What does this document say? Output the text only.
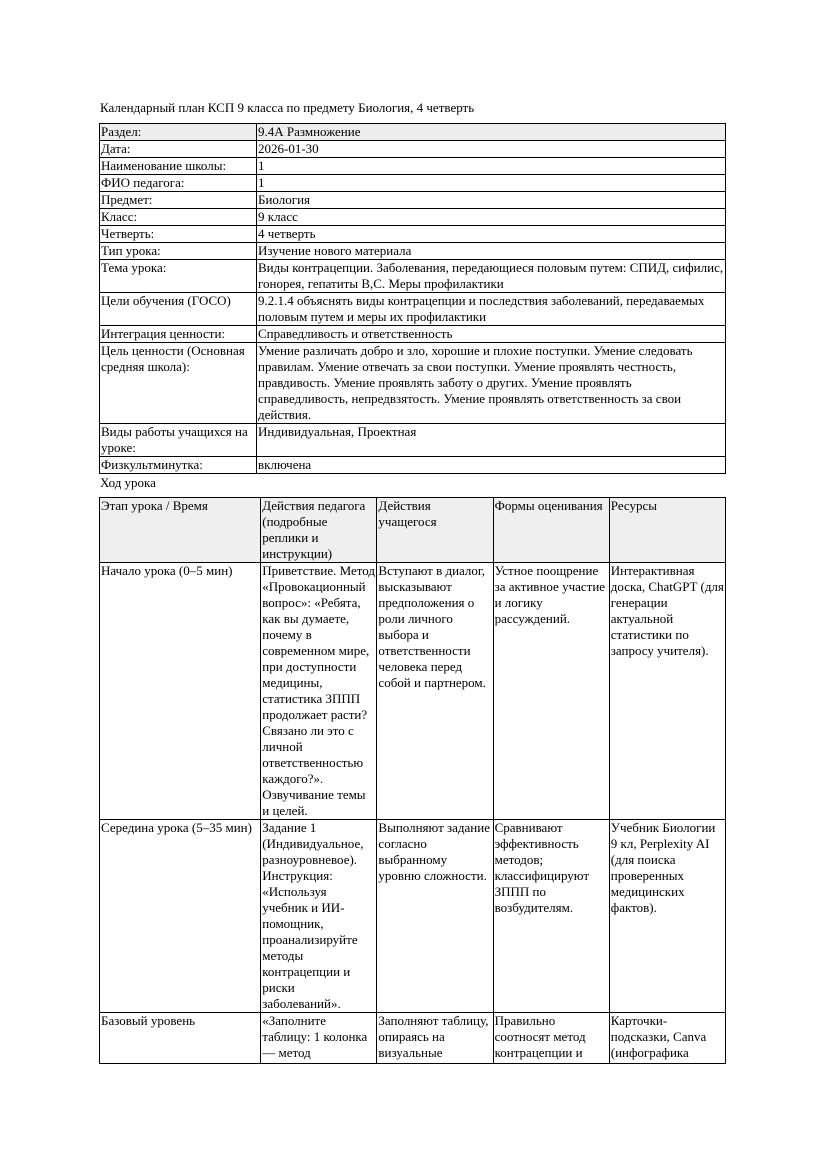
Календарный план КСП 9 класса по предмету Биология, 4 четверть
Раздел:	9.4А Размножение
Дата:	2026-01-30
Наименование школы:	1
ФИО педагога:	1
Предмет:	Биология
Класс:	9 класс
Четверть:	4 четверть
Тип урока:	Изучение нового материала
Тема урока:	Виды контрацепции. Заболевания, передающиеся половым путем: СПИД, сифилис, гонорея, гепатиты В,С. Меры профилактики
Цели обучения (ГОСО)	9.2.1.4 объяснять виды контрацепции и последствия заболеваний, передаваемых половым путем и меры их профилактики
Интеграция ценности:	Справедливость и ответственность
Цель ценности (Основная средняя школа):	Умение различать добро и зло, хорошие и плохие поступки. Умение следовать правилам. Умение отвечать за свои поступки. Умение проявлять честность, правдивость. Умение проявлять заботу о других. Умение проявлять справедливость, непредвзятость. Умение проявлять ответственность за свои действия.
Виды работы учащихся на уроке:	Индивидуальная, Проектная
Физкультминутка:	включена
Ход урока
Этап урока / Время	Действия педагога (подробные реплики и инструкции)	Действия учащегося	Формы оценивания	Ресурсы
Начало урока (0–5 мин)	Приветствие. Метод «Провокационный вопрос»: «Ребята, как вы думаете, почему в современном мире, при доступности медицины, статистика ЗППП продолжает расти? Связано ли это с личной ответственностью каждого?». Озвучивание темы и целей.	Вступают в диалог, высказывают предположения о роли личного выбора и ответственности человека перед собой и партнером.	Устное поощрение за активное участие и логику рассуждений.	Интерактивная доска, ChatGPT (для генерации актуальной статистики по запросу учителя).
Середина урока (5–35 мин)	Задание 1 (Индивидуальное, разноуровневое). Инструкция: «Используя учебник и ИИ-помощник, проанализируйте методы контрацепции и риски заболеваний».	Выполняют задание согласно выбранному уровню сложности.	Сравнивают эффективность методов; классифицируют ЗППП по возбудителям.	Учебник Биологии 9 кл, Perplexity AI (для поиска проверенных медицинских фактов).

Базовый уровень	«Заполните таблицу: 1 колонка — метод	Заполняют таблицу, опираясь на визуальные	Правильно соотносят метод контрацепции и	Карточки-подсказки, Canva (инфографика
